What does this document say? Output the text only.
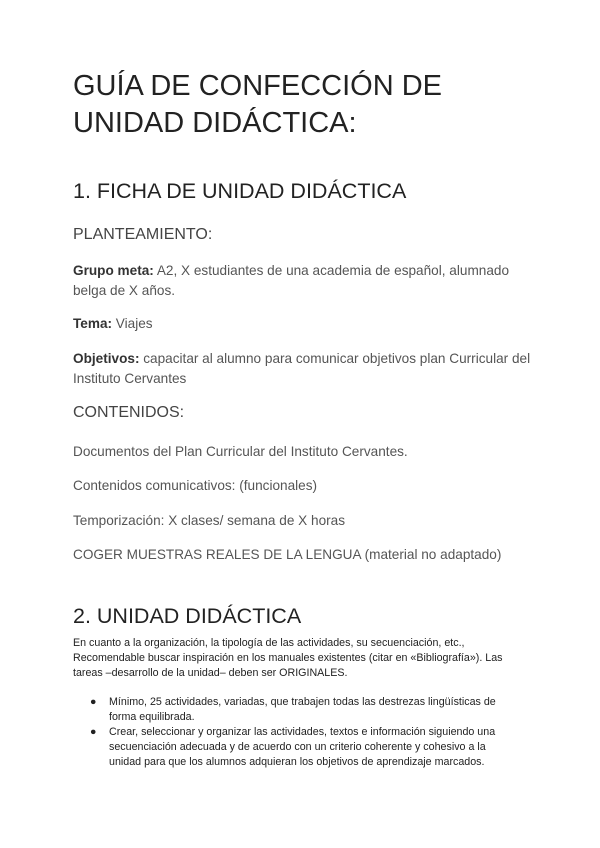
GUÍA DE CONFECCIÓN DE UNIDAD DIDÁCTICA:
1. FICHA DE UNIDAD DIDÁCTICA
PLANTEAMIENTO:

Grupo meta: A2, X estudiantes de una academia de español, alumnado belga de X años.

Tema: Viajes

Objetivos: capacitar al alumno para comunicar objetivos plan Curricular del Instituto Cervantes

CONTENIDOS:

Documentos del Plan Curricular del Instituto Cervantes.

Contenidos comunicativos: (funcionales)

Temporización: X clases/ semana de X horas

COGER MUESTRAS REALES DE LA LENGUA (material no adaptado)

2. UNIDAD DIDÁCTICA

En cuanto a la organización, la tipología de las actividades, su secuenciación, etc., Recomendable buscar inspiración en los manuales existentes (citar en «Bibliografía»). Las tareas –desarrollo de la unidad– deben ser ORIGINALES.

● Mínimo, 25 actividades, variadas, que trabajen todas las destrezas lingüísticas de forma equilibrada.
● Crear, seleccionar y organizar las actividades, textos e información siguiendo una secuenciación adecuada y de acuerdo con un criterio coherente y cohesivo a la unidad para que los alumnos adquieran los objetivos de aprendizaje marcados.
